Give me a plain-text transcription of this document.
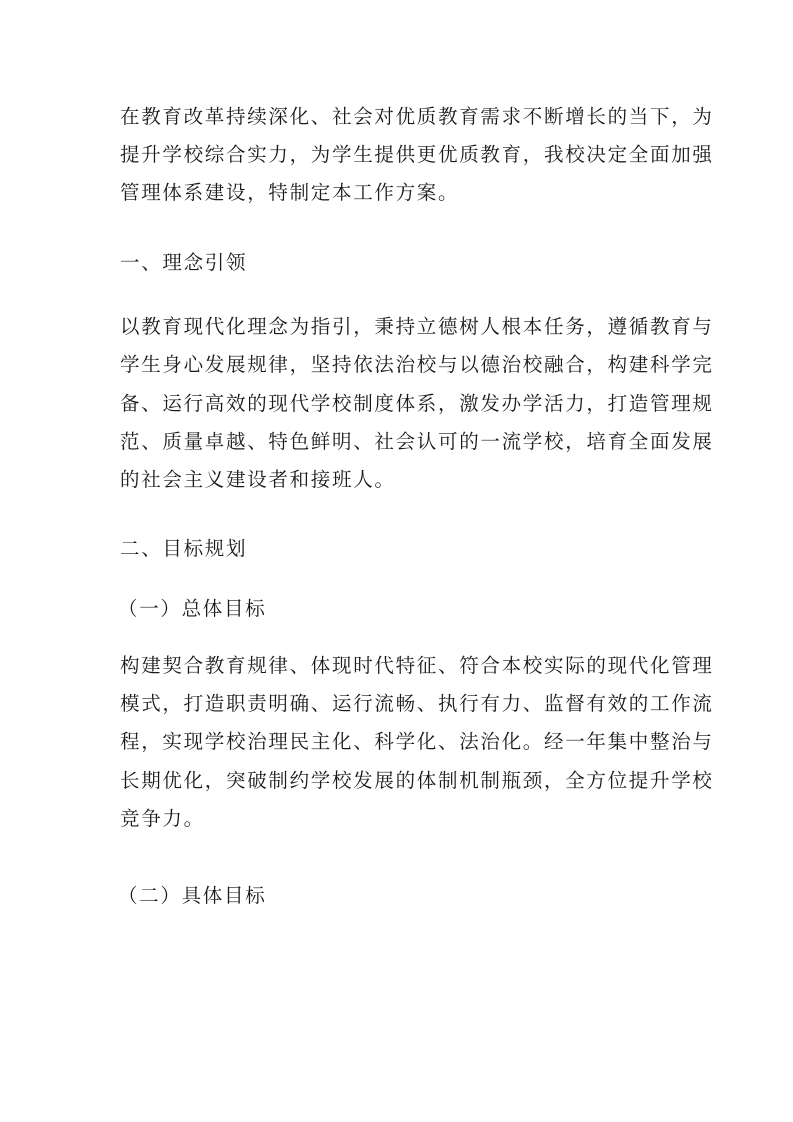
在教育改革持续深化、社会对优质教育需求不断增长的当下，为
提升学校综合实力，为学生提供更优质教育，我校决定全面加强
管理体系建设，特制定本工作方案。
一、理念引领
以教育现代化理念为指引，秉持立德树人根本任务，遵循教育与
学生身心发展规律，坚持依法治校与以德治校融合，构建科学完
备、运行高效的现代学校制度体系，激发办学活力，打造管理规
范、质量卓越、特色鲜明、社会认可的一流学校，培育全面发展
的社会主义建设者和接班人。
二、目标规划
（一）总体目标
构建契合教育规律、体现时代特征、符合本校实际的现代化管理
模式，打造职责明确、运行流畅、执行有力、监督有效的工作流
程，实现学校治理民主化、科学化、法治化。经一年集中整治与
长期优化，突破制约学校发展的体制机制瓶颈，全方位提升学校
竞争力。
（二）具体目标
